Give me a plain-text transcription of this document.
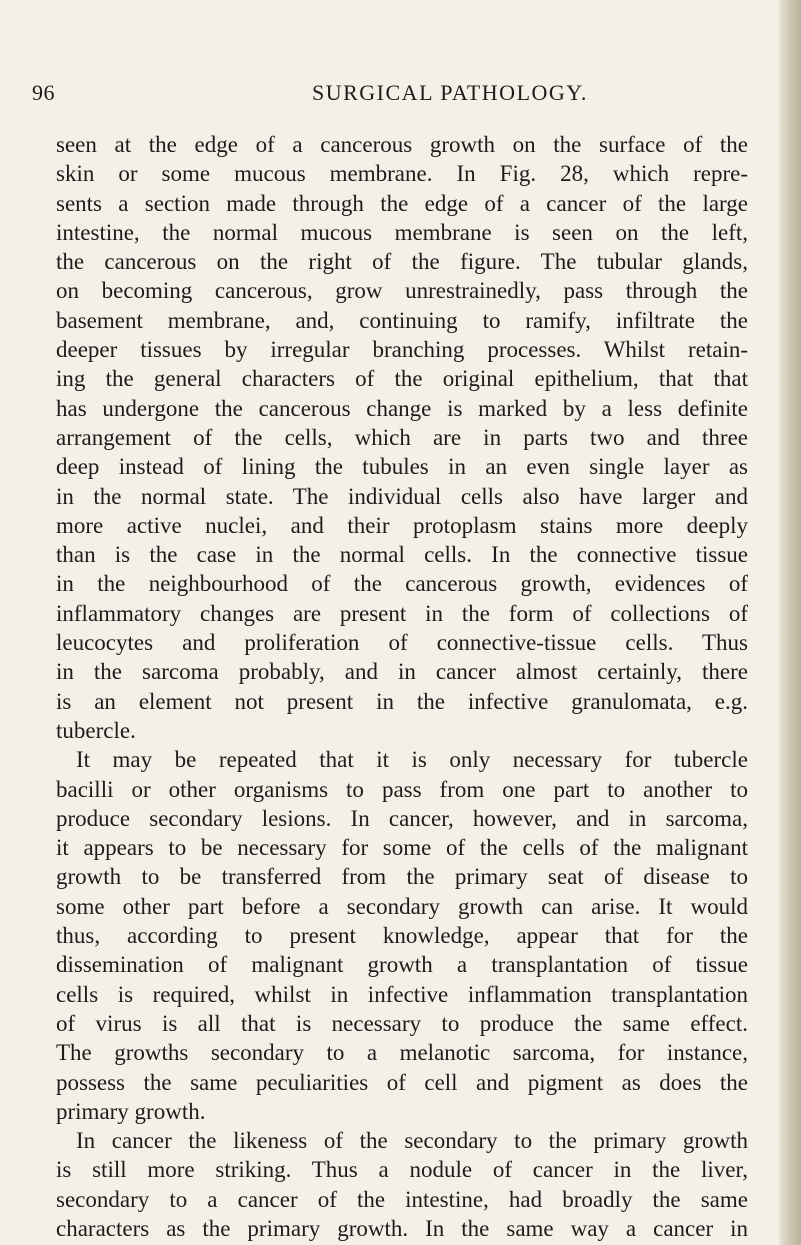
96	SURGICAL PATHOLOGY.
seen at the edge of a cancerous growth on the surface of the
skin or some mucous membrane. In Fig. 28, which repre-
sents a section made through the edge of a cancer of the large
intestine, the normal mucous membrane is seen on the left,
the cancerous on the right of the figure. The tubular glands,
on becoming cancerous, grow unrestrainedly, pass through the
basement membrane, and, continuing to ramify, infiltrate the
deeper tissues by irregular branching processes. Whilst retain-
ing the general characters of the original epithelium, that that
has undergone the cancerous change is marked by a less definite
arrangement of the cells, which are in parts two and three
deep instead of lining the tubules in an even single layer as
in the normal state. The individual cells also have larger and
more active nuclei, and their protoplasm stains more deeply
than is the case in the normal cells. In the connective tissue
in the neighbourhood of the cancerous growth, evidences of
inflammatory changes are present in the form of collections of
leucocytes and proliferation of connective-tissue cells. Thus
in the sarcoma probably, and in cancer almost certainly, there
is an element not present in the infective granulomata, e.g.
tubercle.
It may be repeated that it is only necessary for tubercle
bacilli or other organisms to pass from one part to another to
produce secondary lesions. In cancer, however, and in sarcoma,
it appears to be necessary for some of the cells of the malignant
growth to be transferred from the primary seat of disease to
some other part before a secondary growth can arise. It would
thus, according to present knowledge, appear that for the
dissemination of malignant growth a transplantation of tissue
cells is required, whilst in infective inflammation transplantation
of virus is all that is necessary to produce the same effect.
The growths secondary to a melanotic sarcoma, for instance,
possess the same peculiarities of cell and pigment as does the
primary growth.
In cancer the likeness of the secondary to the primary growth
is still more striking. Thus a nodule of cancer in the liver,
secondary to a cancer of the intestine, had broadly the same
characters as the primary growth. In the same way a cancer in
